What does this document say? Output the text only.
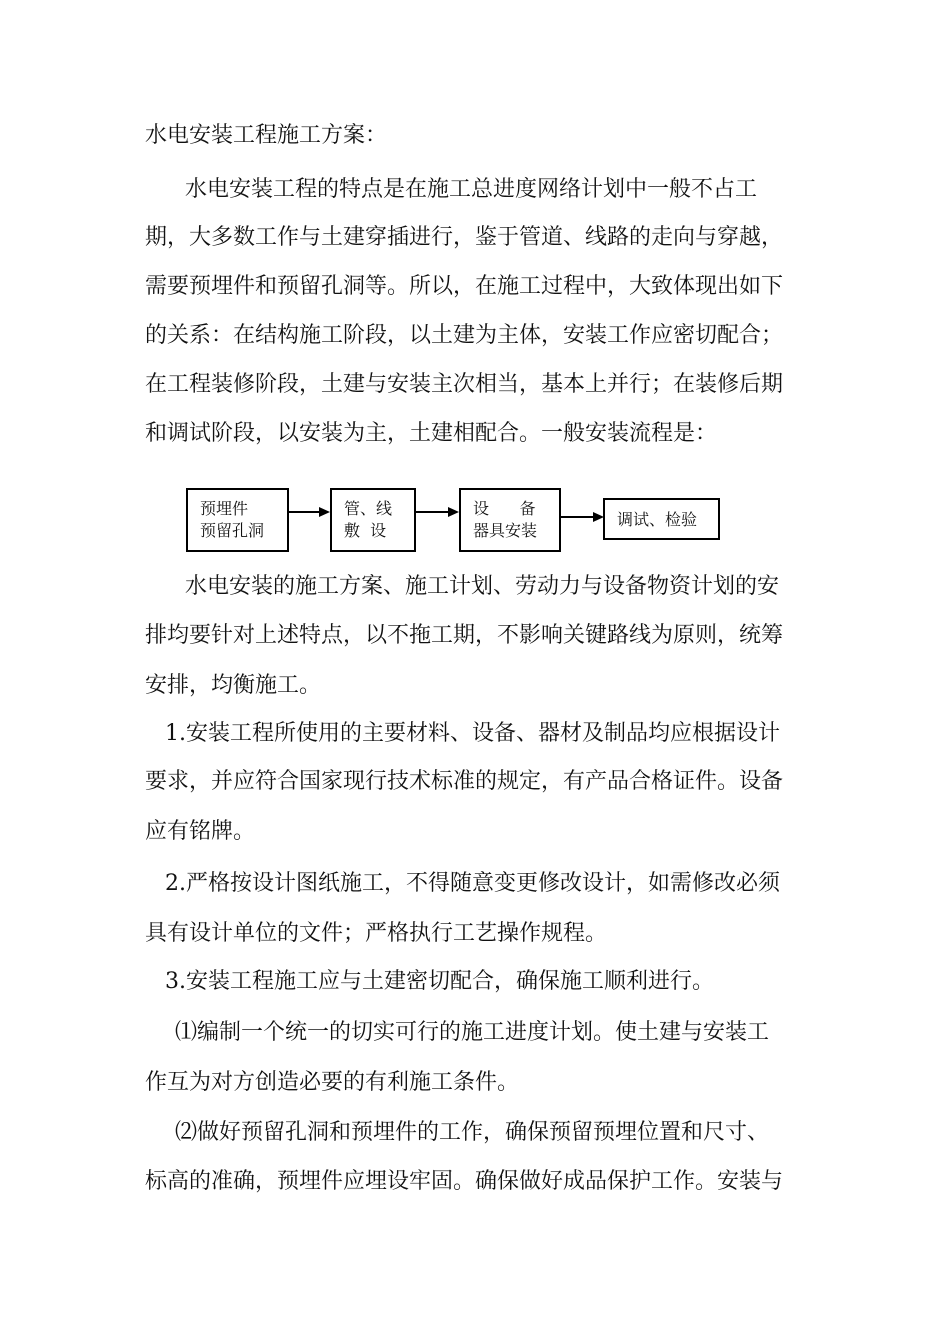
水电安装工程施工方案：
水电安装工程的特点是在施工总进度网络计划中一般不占工
期，大多数工作与土建穿插进行，鉴于管道、线路的走向与穿越，
需要预埋件和预留孔洞等。所以，在施工过程中，大致体现出如下
的关系：在结构施工阶段，以土建为主体，安装工作应密切配合；
在工程装修阶段，土建与安装主次相当，基本上并行；在装修后期
和调试阶段，以安装为主，土建相配合。一般安装流程是：
预埋件
预留孔洞
管、线
敷  设
设      备
器具安装
调试、检验
水电安装的施工方案、施工计划、劳动力与设备物资计划的安
排均要针对上述特点，以不拖工期，不影响关键路线为原则，统筹
安排，均衡施工。
1.安装工程所使用的主要材料、设备、器材及制品均应根据设计
要求，并应符合国家现行技术标准的规定，有产品合格证件。设备
应有铭牌。
2.严格按设计图纸施工，不得随意变更修改设计，如需修改必须
具有设计单位的文件；严格执行工艺操作规程。
3.安装工程施工应与土建密切配合，确保施工顺利进行。
⑴编制一个统一的切实可行的施工进度计划。使土建与安装工
作互为对方创造必要的有利施工条件。
⑵做好预留孔洞和预埋件的工作，确保预留预埋位置和尺寸、
标高的准确，预埋件应埋设牢固。确保做好成品保护工作。安装与
